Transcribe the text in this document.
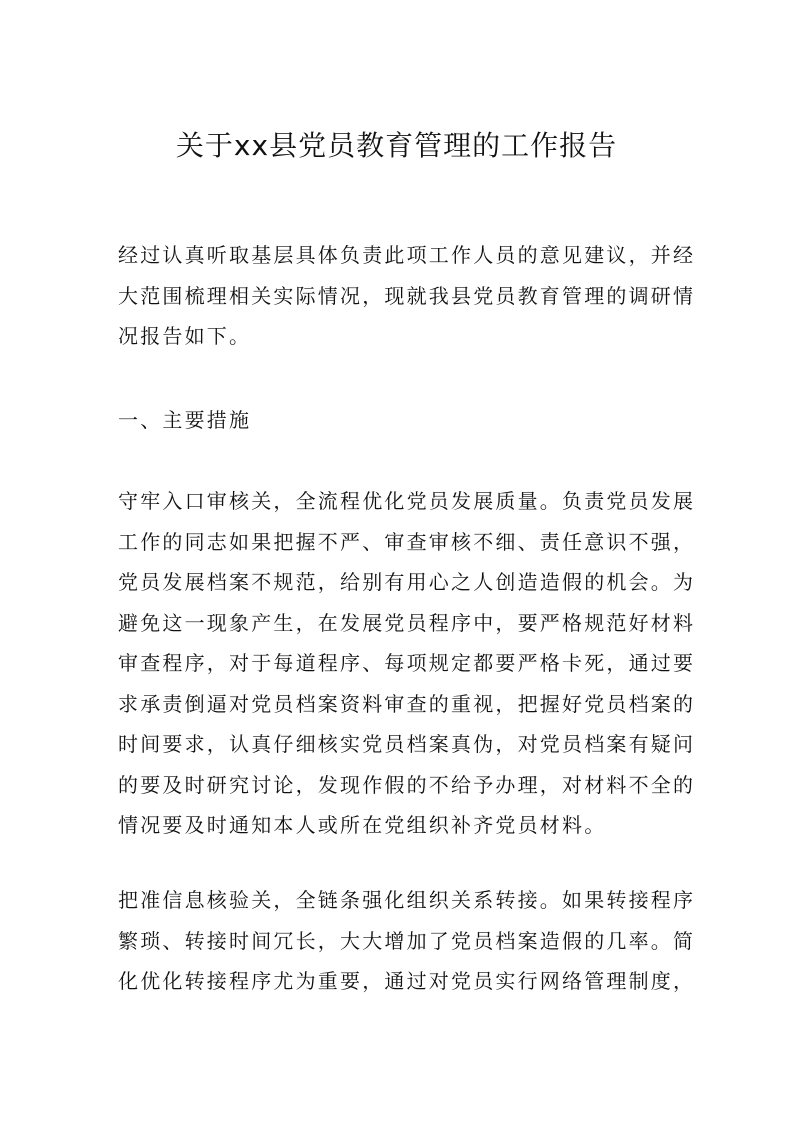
关于xx县党员教育管理的工作报告
经过认真听取基层具体负责此项工作人员的意见建议，并经
大范围梳理相关实际情况，现就我县党员教育管理的调研情
况报告如下。
一、主要措施
守牢入口审核关，全流程优化党员发展质量。负责党员发展
工作的同志如果把握不严、审查审核不细、责任意识不强，
党员发展档案不规范，给别有用心之人创造造假的机会。为
避免这一现象产生，在发展党员程序中，要严格规范好材料
审查程序，对于每道程序、每项规定都要严格卡死，通过要
求承责倒逼对党员档案资料审查的重视，把握好党员档案的
时间要求，认真仔细核实党员档案真伪，对党员档案有疑问
的要及时研究讨论，发现作假的不给予办理，对材料不全的
情况要及时通知本人或所在党组织补齐党员材料。
把准信息核验关，全链条强化组织关系转接。如果转接程序
繁琐、转接时间冗长，大大增加了党员档案造假的几率。简
化优化转接程序尤为重要，通过对党员实行网络管理制度，
